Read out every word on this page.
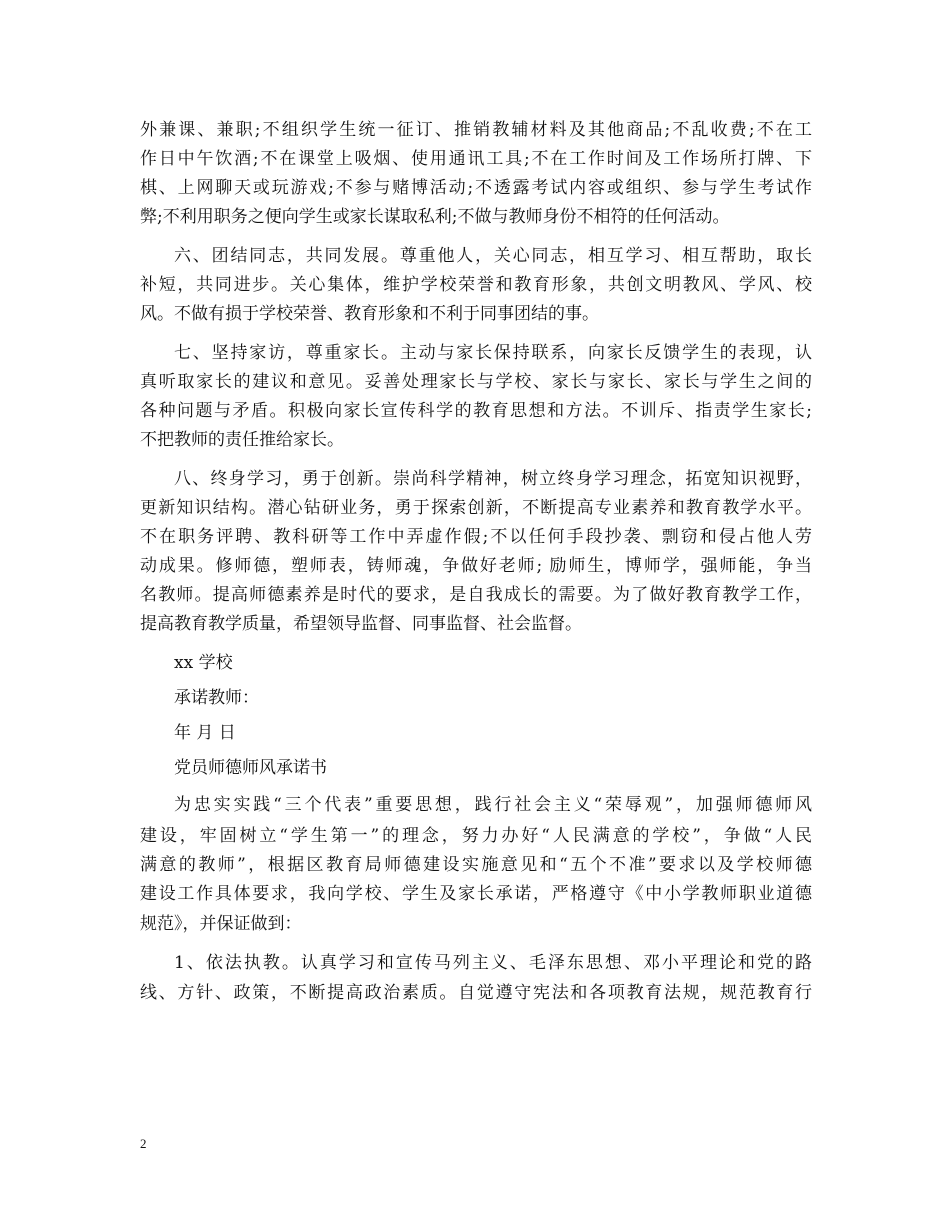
外兼课、兼职;不组织学生统一征订、推销教辅材料及其他商品;不乱收费;不在工
作日中午饮酒;不在课堂上吸烟、使用通讯工具;不在工作时间及工作场所打牌、下
棋、上网聊天或玩游戏;不参与赌博活动;不透露考试内容或组织、参与学生考试作
弊;不利用职务之便向学生或家长谋取私利;不做与教师身份不相符的任何活动。
六、团结同志，共同发展。尊重他人，关心同志，相互学习、相互帮助，取长
补短，共同进步。关心集体，维护学校荣誉和教育形象，共创文明教风、学风、校
风。不做有损于学校荣誉、教育形象和不利于同事团结的事。
七、坚持家访，尊重家长。主动与家长保持联系，向家长反馈学生的表现，认
真听取家长的建议和意见。妥善处理家长与学校、家长与家长、家长与学生之间的
各种问题与矛盾。积极向家长宣传科学的教育思想和方法。不训斥、指责学生家长;
不把教师的责任推给家长。
八、终身学习，勇于创新。崇尚科学精神，树立终身学习理念，拓宽知识视野，
更新知识结构。潜心钻研业务，勇于探索创新，不断提高专业素养和教育教学水平。
不在职务评聘、教科研等工作中弄虚作假;不以任何手段抄袭、剽窃和侵占他人劳
动成果。修师德，塑师表，铸师魂，争做好老师; 励师生，博师学，强师能，争当
名教师。提高师德素养是时代的要求，是自我成长的需要。为了做好教育教学工作，
提高教育教学质量，希望领导监督、同事监督、社会监督。
xx 学校
承诺教师：
年 月 日
党员师德师风承诺书
为忠实实践“三个代表”重要思想，践行社会主义“荣辱观”，加强师德师风
建设，牢固树立“学生第一”的理念，努力办好“人民满意的学校”，争做“人民
满意的教师”，根据区教育局师德建设实施意见和“五个不准”要求以及学校师德
建设工作具体要求，我向学校、学生及家长承诺，严格遵守《中小学教师职业道德
规范》，并保证做到：
1、依法执教。认真学习和宣传马列主义、毛泽东思想、邓小平理论和党的路
线、方针、政策，不断提高政治素质。自觉遵守宪法和各项教育法规，规范教育行
2
